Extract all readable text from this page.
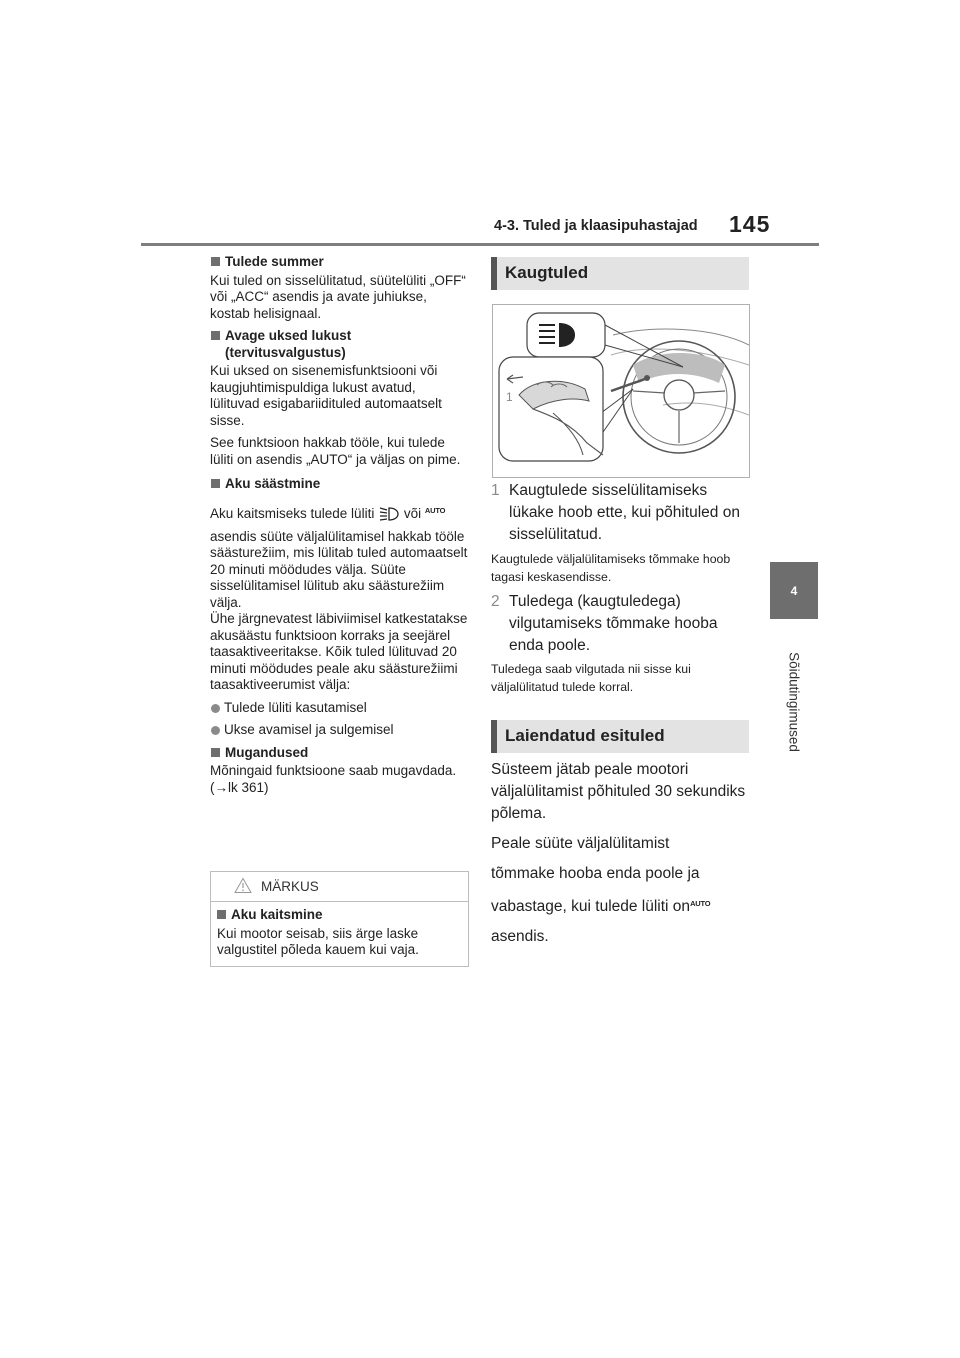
4-3. Tuled ja klaasipuhastajad 145
4
Sõidutingimused
Tulede summer

Kui tuled on sisselülitatud, süütelüliti „OFF“ või „ACC“ asendis ja avate juhiukse, kostab helisignaal.

Avage uksed lukust (tervitusvalgustus)

Kui uksed on sisenemisfunktsiooni või kaugjuhtimispuldiga lukust avatud, lülituvad esigabariidituled automaatselt sisse.

See funktsioon hakkab tööle, kui tulede lüliti on asendis „AUTO“ ja väljas on pime.

Aku säästmine

Aku kaitsmiseks tulede lüliti või $^{AUTO}$

asendis süüte väljalülitamisel hakkab tööle säästurežiim, mis lülitab tuled automaatselt 20 minuti möödudes välja. Süüte sisselülitamisel lülitub aku säästurežiim välja.

Ühe järgnevatest läbiviimisel katkestatakse akusäästu funktsioon korraks ja seejärel taasaktiveeritakse. Kõik tuled lülituvad 20 minuti möödudes peale aku säästurežiimi taasaktiveerumist välja:

Tulede lüliti kasutamisel
Ukse avamisel ja sulgemisel
Mugandused

Mõningaid funktsioone saab mugavdada. (→lk 361)

MÄRKUS
Aku kaitsmine
Kui mootor seisab, siis ärge laske valgustitel põleda kauem kui vaja.
Kaugtuled
1
1 Kaugtulede sisselülitamiseks lükake hoob ette, kui põhituled on sisselülitatud.
Kaugtulede väljalülitamiseks tõmmake hoob tagasi keskasendisse.
2 Tuledega (kaugtuledega) vilgutamiseks tõmmake hooba enda poole.
Tuledega saab vilgutada nii sisse kui väljalülitatud tulede korral.
Laiendatud esituled
Süsteem jätab peale mootori väljalülitamist põhituled 30 sekundiks põlema.
Peale süüte väljalülitamist
tõmmake hooba enda poole ja
vabastage, kui tulede lüliti $on^{AUTO}$
asendis.
